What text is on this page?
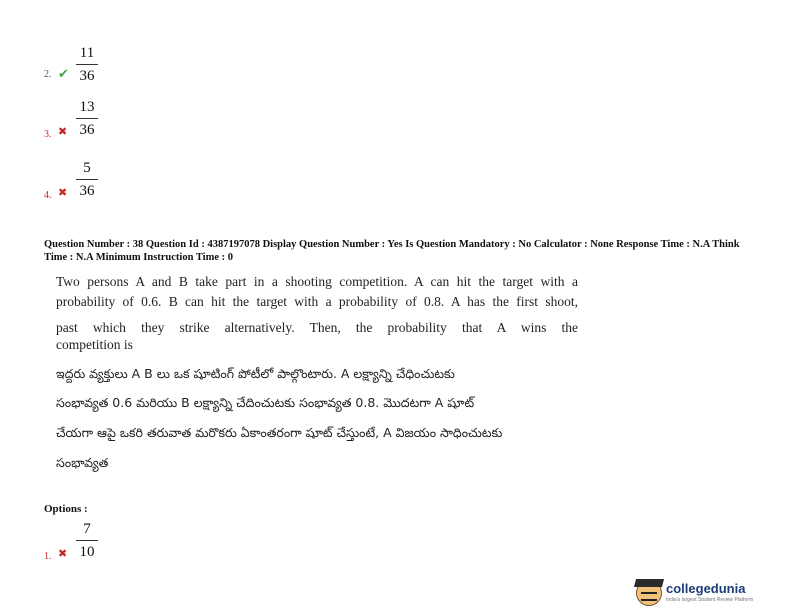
11
36
2. ✔
13
36
3. ✖
5
36
4. ✖
Question Number : 38 Question Id : 4387197078 Display Question Number : Yes Is Question Mandatory : No Calculator : None Response Time : N.A Think Time : N.A Minimum Instruction Time : 0
Two persons A and B take part in a shooting competition. A can hit the target with a
probability of 0.6. B can hit the target with a probability of 0.8. A has the first shoot,
past which they strike alternatively. Then, the probability that A wins the
competition is
ఇద్దరు వ్యక్తులు A B లు ఒక షూటింగ్ పోటీలో పాల్గొంటారు. A లక్ష్యాన్ని చేధించుటకు
సంభావ్యత 0.6 మరియు B లక్ష్యాన్ని చేదించుటకు సంభావ్యత 0.8. మొదటగా A షూట్
చేయగా ఆపై ఒకరి తరువాత మరొకరు ఏకాంతరంగా షూట్ చేస్తుంటే, A విజయం సాధించుటకు
సంభావ్యత
Options :
7
10
1. ✖
collegedunia
India's largest Student Review Platform
